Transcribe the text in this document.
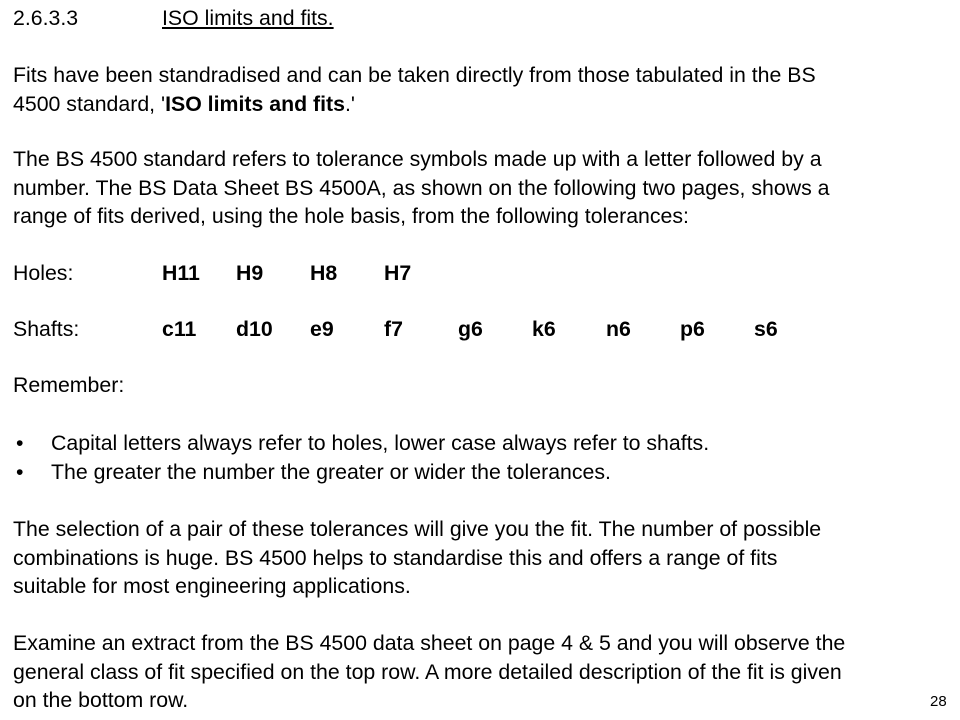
2.6.3.3	ISO limits and fits.
Fits have been standradised and can be taken directly from those tabulated in the BS
4500 standard, 'ISO limits and fits.'
The BS 4500 standard refers to tolerance symbols made up with a letter followed by a
number. The BS Data Sheet BS 4500A, as shown on the following two pages, shows a
range of fits derived, using the hole basis, from the following tolerances:
Holes:	H11 H9 H8 H7
Shafts:	c11 d10 e9 f7	g6 k6 n6 p6 s6
Remember:
• Capital letters always refer to holes, lower case always refer to shafts.
• The greater the number the greater or wider the tolerances.
The selection of a pair of these tolerances will give you the fit. The number of possible
combinations is huge. BS 4500 helps to standardise this and offers a range of fits
suitable for most engineering applications.
Examine an extract from the BS 4500 data sheet on page 4 & 5 and you will observe the
general class of fit specified on the top row. A more detailed description of the fit is given
on the bottom row.	28
